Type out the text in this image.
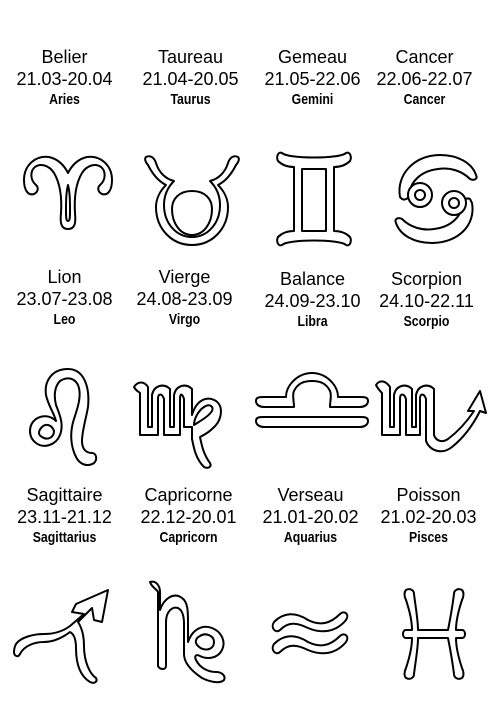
Belier
21.03-20.04
Aries
Taureau
21.04-20.05
Taurus
Gemeau
21.05-22.06
Gemini
Cancer
22.06-22.07
Cancer
Lion
23.07-23.08
Leo
Vierge
24.08-23.09
Virgo
Balance
24.09-23.10
Libra
Scorpion
24.10-22.11
Scorpio
Sagittaire
23.11-21.12
Sagittarius
Capricorne
22.12-20.01
Capricorn
Verseau
21.01-20.02
Aquarius
Poisson
21.02-20.03
Pisces
